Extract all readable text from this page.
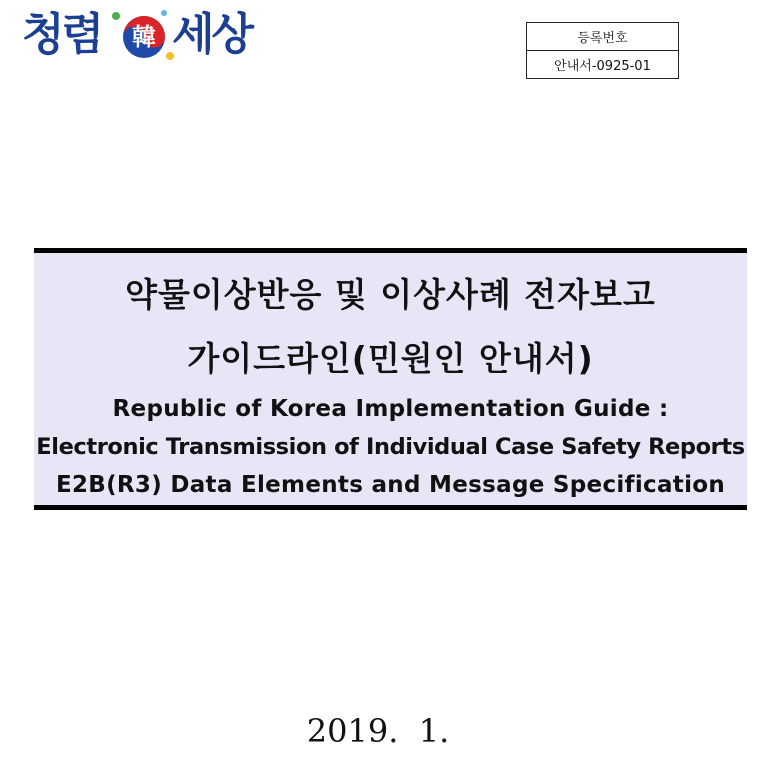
청렴 韓 세상	등록번호
안내서-0925-01

약물이상반응 및 이상사례 전자보고

가이드라인(민원인 안내서)

Republic of Korea Implementation Guide :

Electronic Transmission of Individual Case Safety Reports

E2B(R3) Data Elements and Message Specification

2019.  1.
